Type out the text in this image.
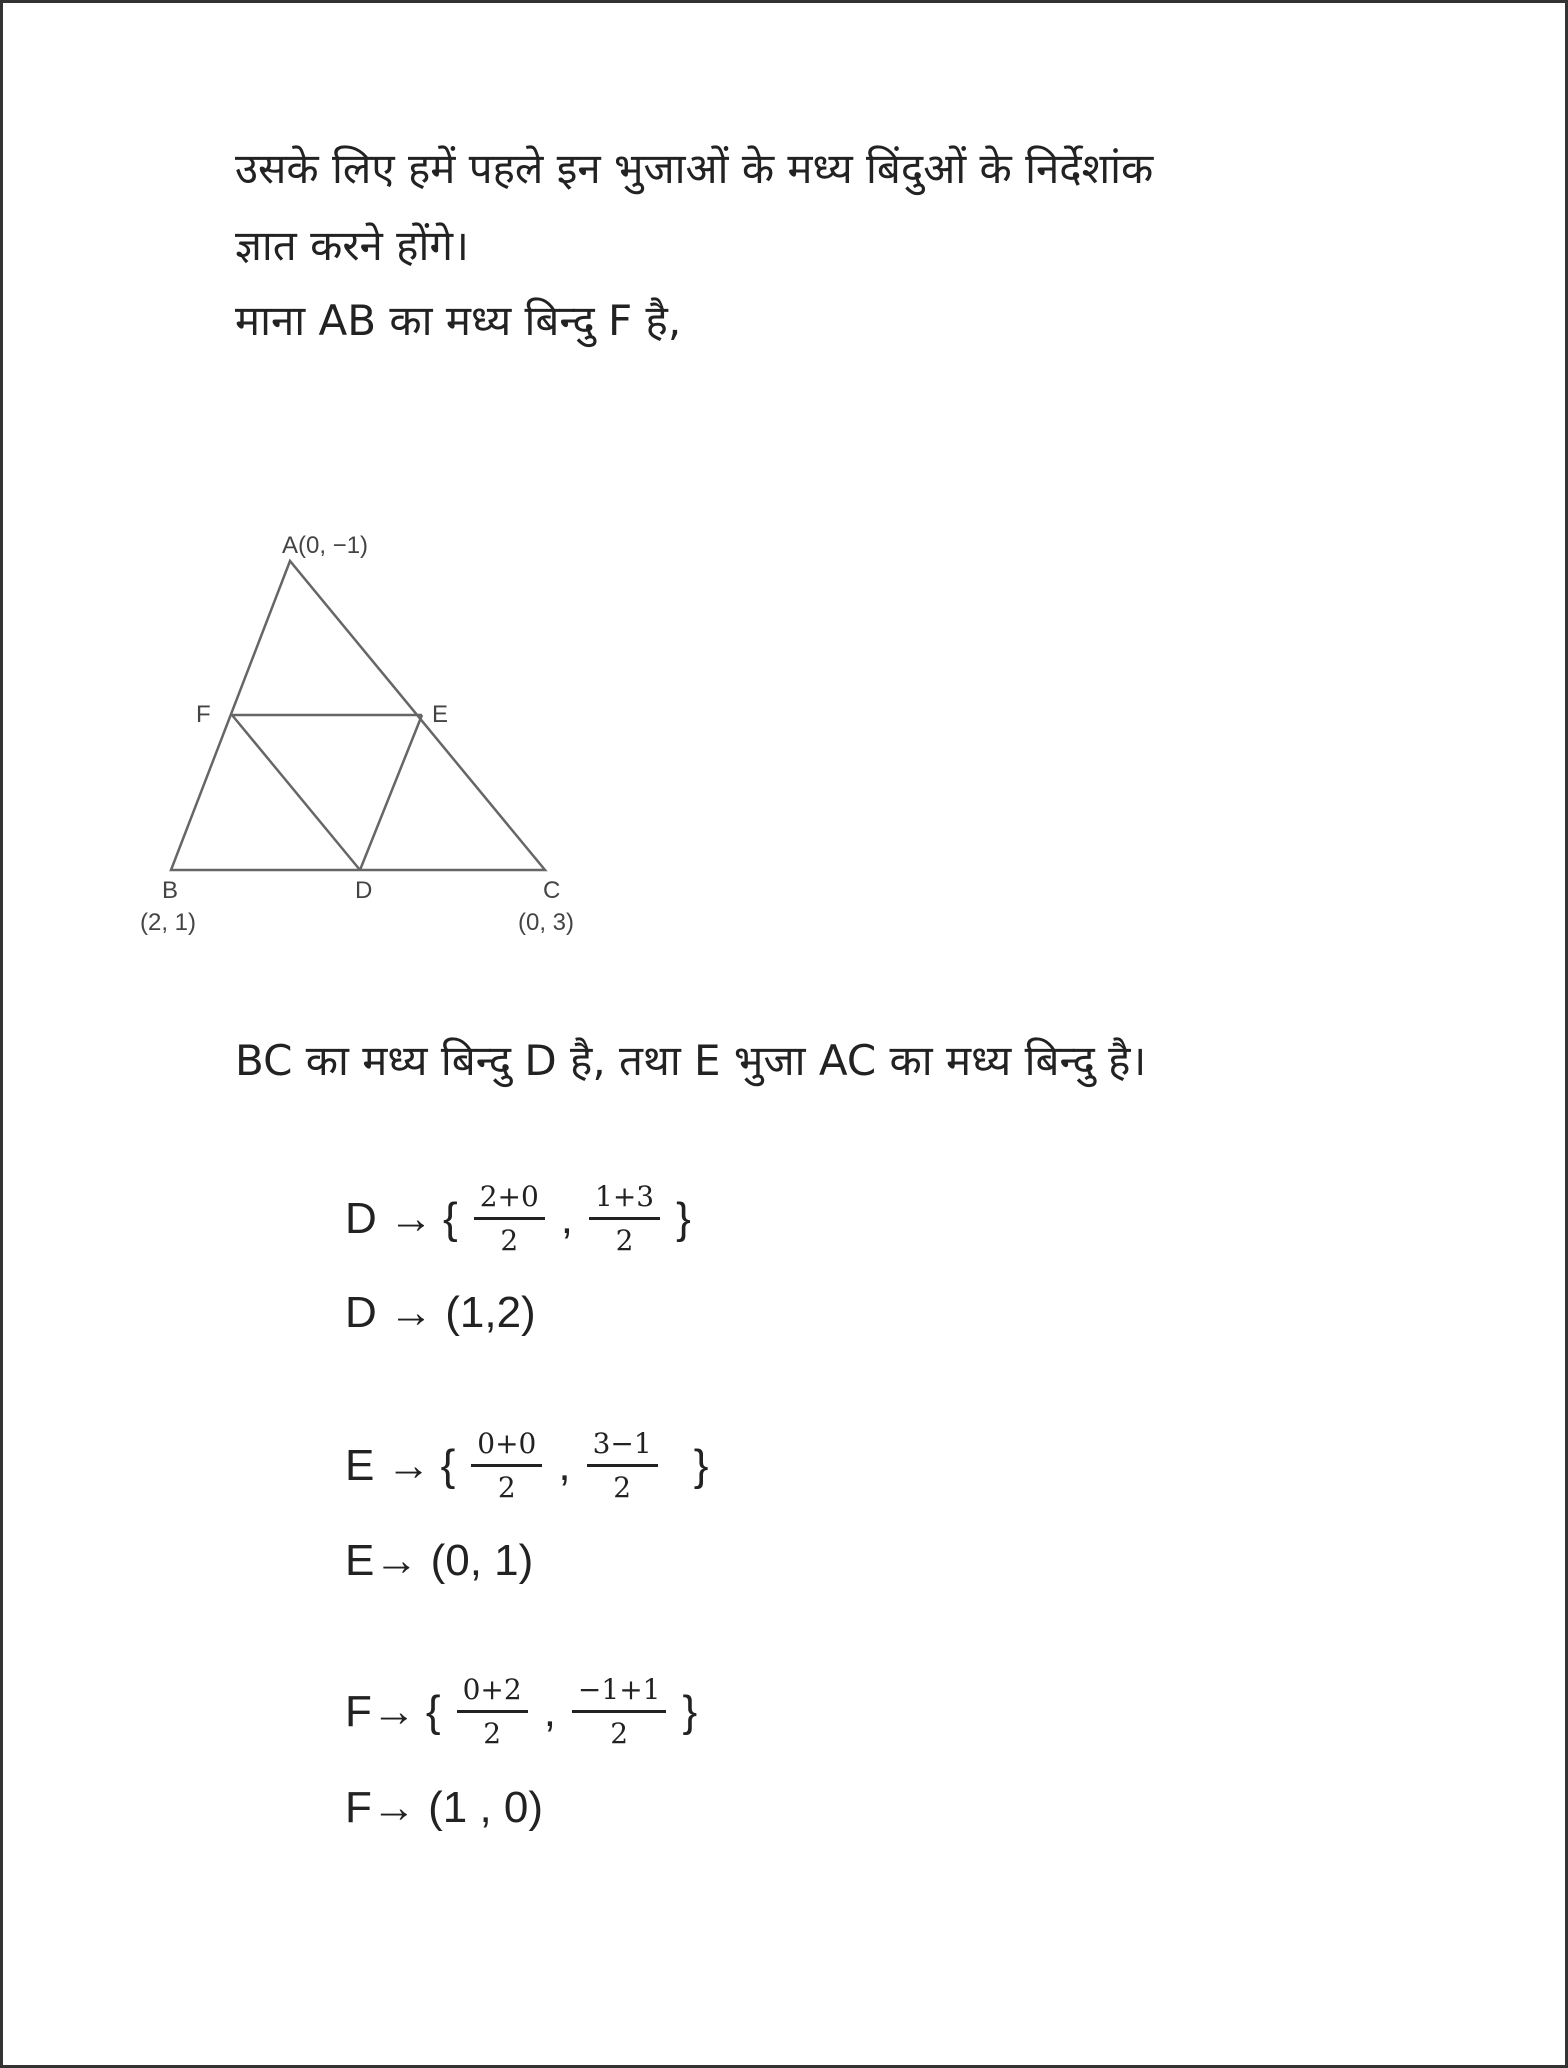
उसके लिए हमें पहले इन भुजाओं के मध्य बिंदुओं के निर्देशांक
ज्ञात करने होंगे।
माना AB का मध्य बिन्दु F है,
A(0, −1)
F	E
B
(2, 1)
D	C
(0, 3)
BC का मध्य बिन्दु D है, तथा E भुजा AC का मध्य बिन्दु है।
D → { $\frac{2+0}{2}$ , $\frac{1+3}{2}$ }
D → (1,2)
E → { $\frac{0+0}{2}$ , $\frac{3-1}{2}$ }
E→ (0, 1)
F→ { $\frac{0+2}{2}$ , $\frac{-1+1}{2}$ }
F→ (1 , 0)
